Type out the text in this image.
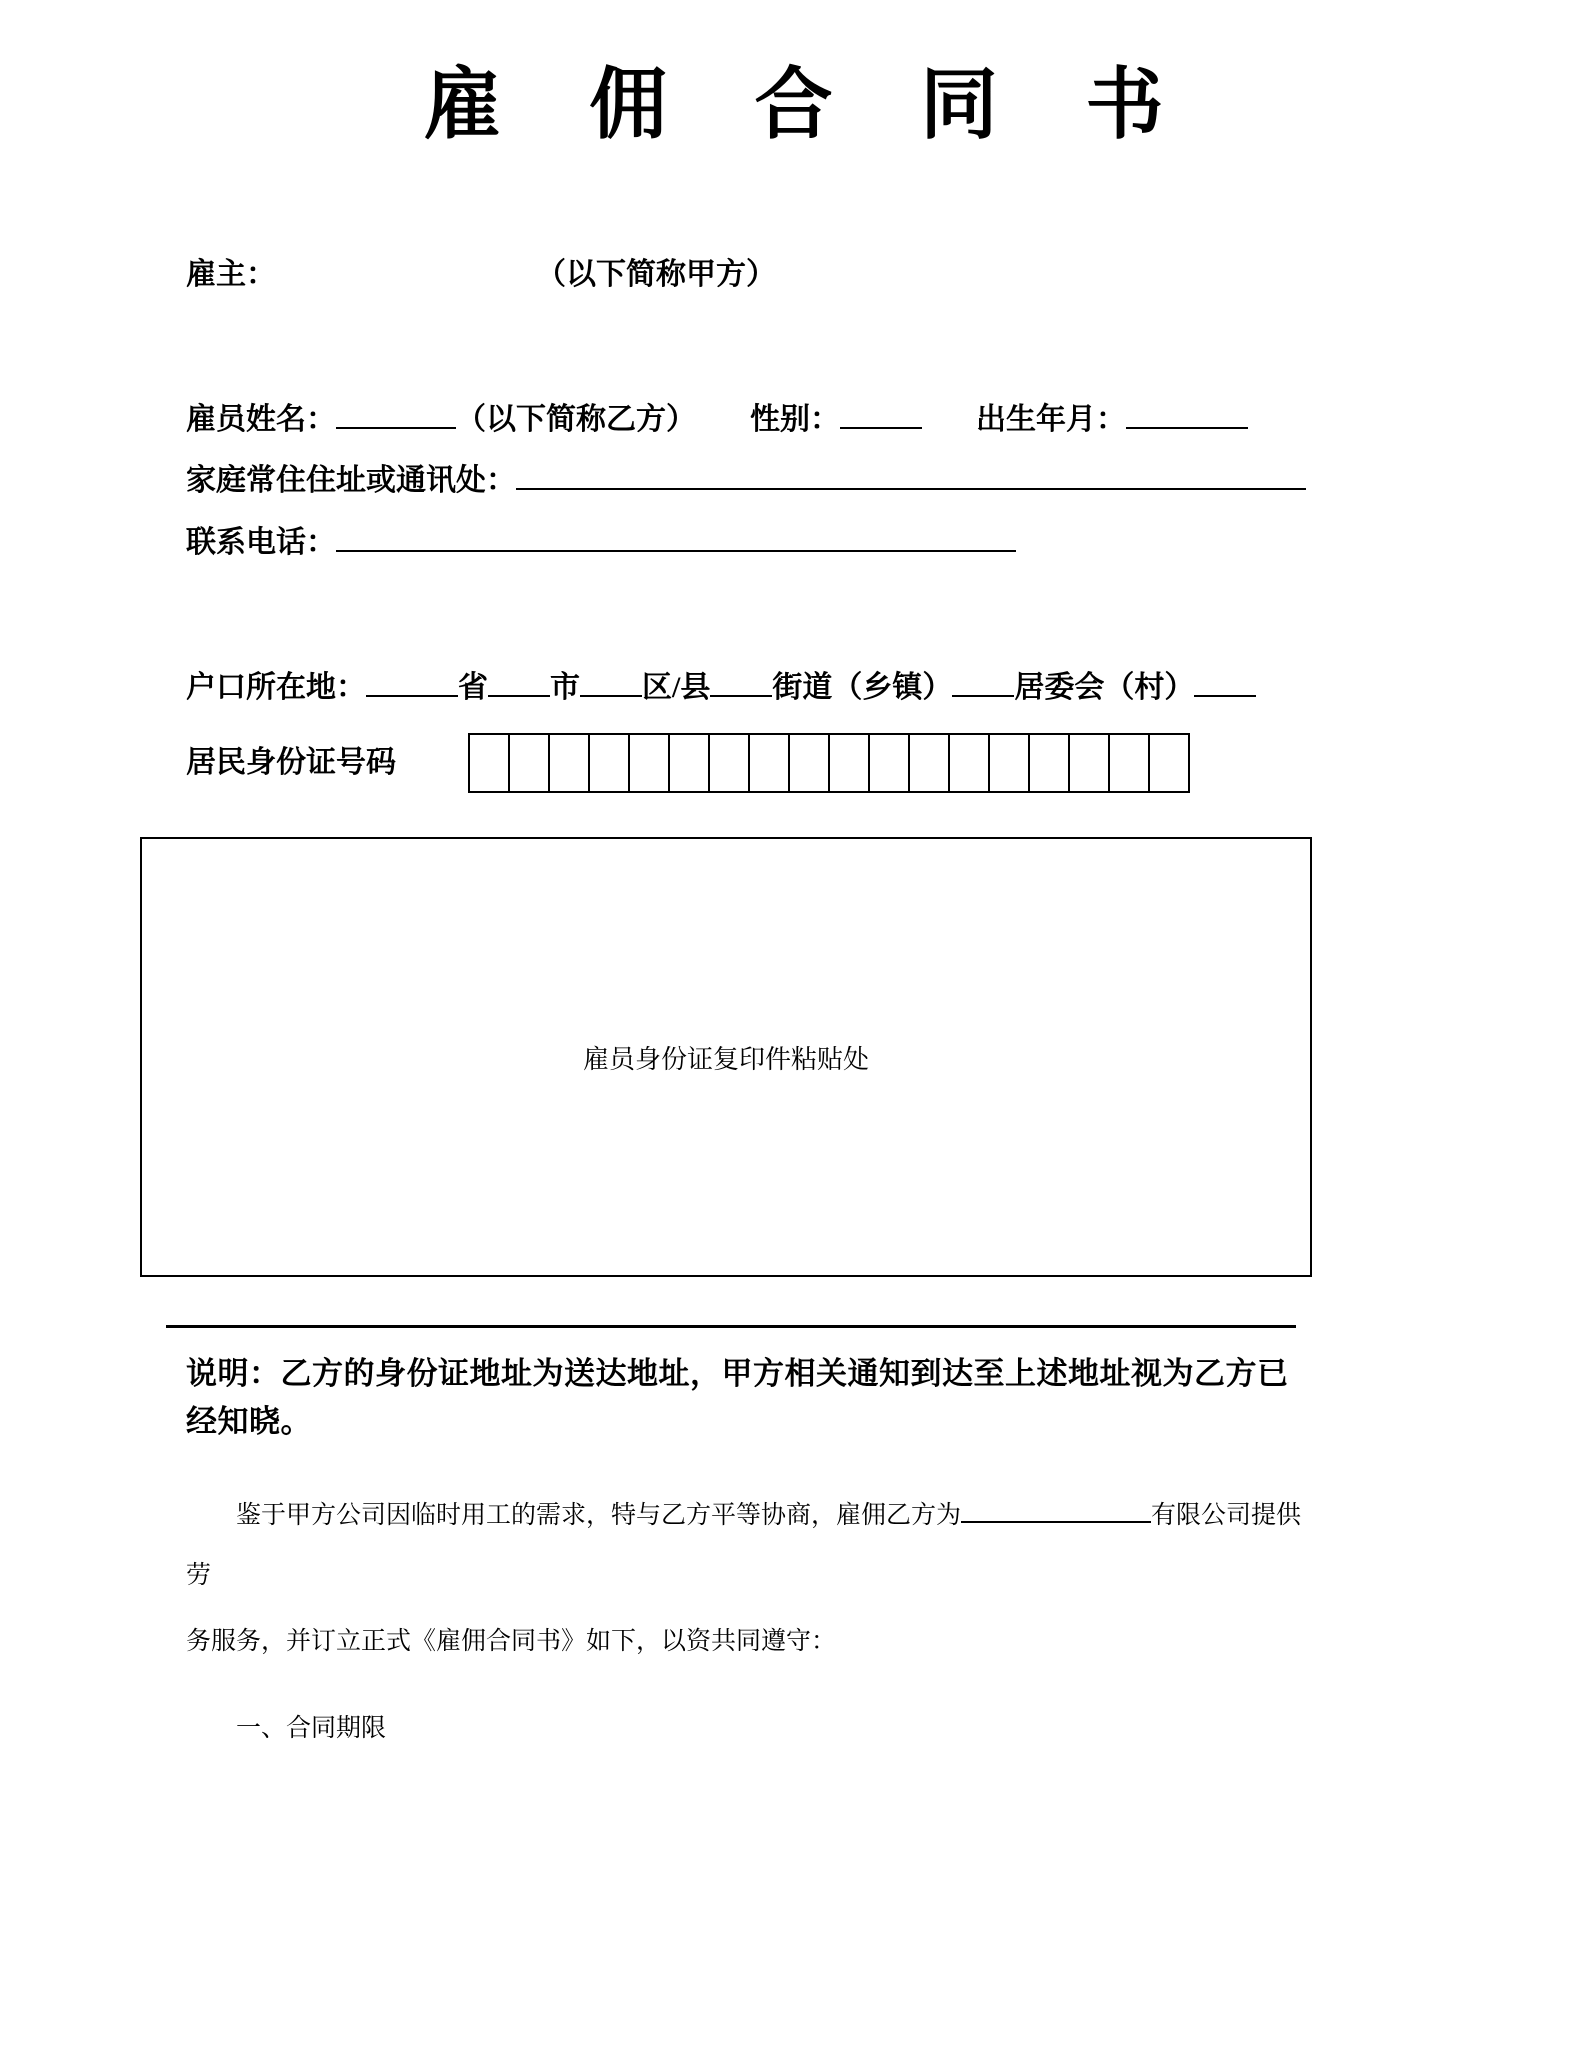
雇 佣 合 同 书
雇主：	（以下简称甲方）
雇员姓名：	（以下简称乙方） 性别：	出生年月：
家庭常住住址或通讯处：
联系电话：
户口所在地：	省 市 区/县 街道（乡镇） 居委会（村）
居民身份证号码
雇员身份证复印件粘贴处
说明：乙方的身份证地址为送达地址，甲方相关通知到达至上述地址视为乙方已经知晓。
鉴于甲方公司因临时用工的需求，特与乙方平等协商，雇佣乙方为	有限公司提供劳
务服务，并订立正式《雇佣合同书》如下，以资共同遵守：
一、合同期限
